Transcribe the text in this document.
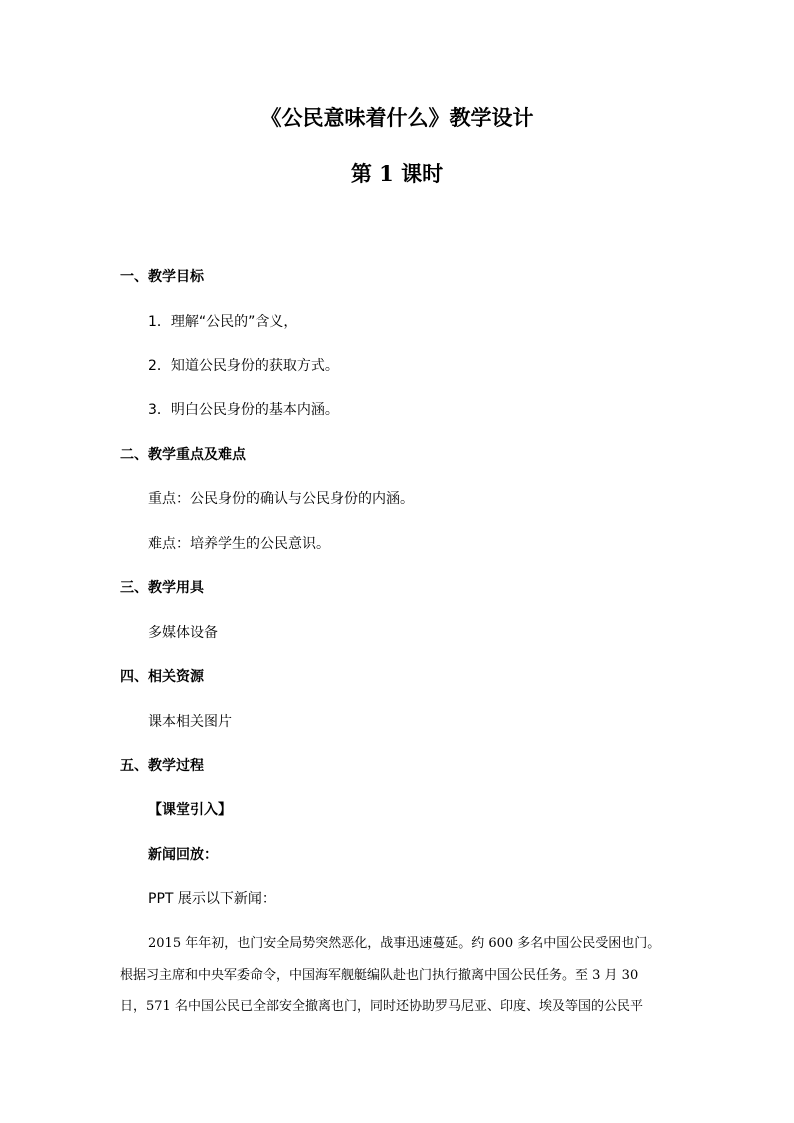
《公民意味着什么》教学设计
第 1 课时
一、教学目标
1．理解“公民的”含义，
2．知道公民身份的获取方式。
3．明白公民身份的基本内涵。
二、教学重点及难点
重点：公民身份的确认与公民身份的内涵。
难点：培养学生的公民意识。
三、教学用具
多媒体设备
四、相关资源
课本相关图片
五、教学过程
【课堂引入】
新闻回放：
PPT 展示以下新闻：
2015 年年初，也门安全局势突然恶化，战事迅速蔓延。约 600 多名中国公民受困也门。
根据习主席和中央军委命令，中国海军舰艇编队赴也门执行撤离中国公民任务。至 3 月 30
日，571 名中国公民已全部安全撤离也门，同时还协助罗马尼亚、印度、埃及等国的公民平
